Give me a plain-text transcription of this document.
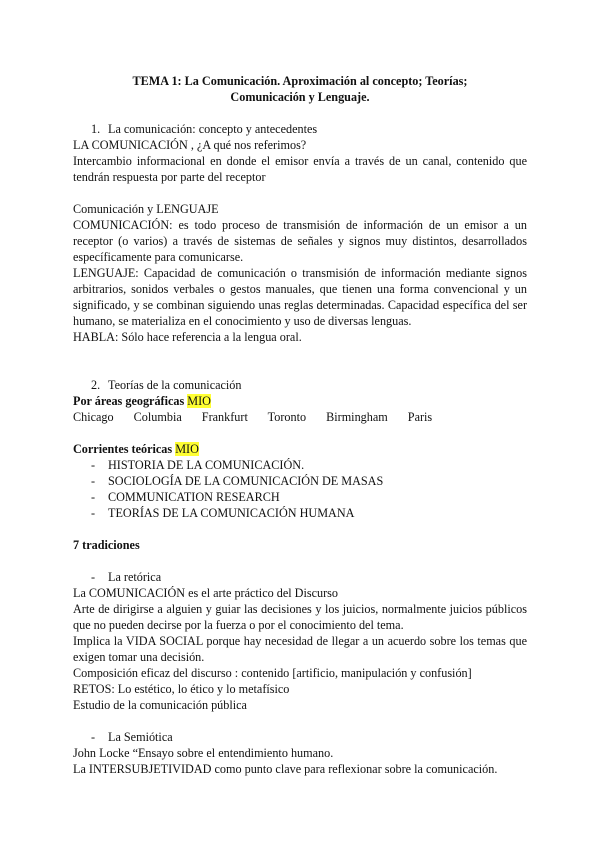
TEMA 1: La Comunicación. Aproximación al concepto; Teorías;
Comunicación y Lenguaje.
1. La comunicación: concepto y antecedentes
LA COMUNICACIÓN , ¿A qué nos referimos?
Intercambio informacional en donde el emisor envía a través de un canal, contenido que
tendrán respuesta por parte del receptor
Comunicación y LENGUAJE
COMUNICACIÓN: es todo proceso de transmisión de información de un emisor a un
receptor (o varios) a través de sistemas de señales y signos muy distintos, desarrollados
específicamente para comunicarse.
LENGUAJE: Capacidad de comunicación o transmisión de información mediante signos
arbitrarios, sonidos verbales o gestos manuales, que tienen una forma convencional y un
significado, y se combinan siguiendo unas reglas determinadas. Capacidad específica del ser
humano, se materializa en el conocimiento y uso de diversas lenguas.
HABLA: Sólo hace referencia a la lengua oral.
2. Teorías de la comunicación
Por áreas geográficas MIO
Chicago Columbia Frankfurt Toronto Birmingham Paris
Corrientes teóricas MIO
- HISTORIA DE LA COMUNICACIÓN.
- SOCIOLOGÍA DE LA COMUNICACIÓN DE MASAS
- COMMUNICATION RESEARCH
- TEORÍAS DE LA COMUNICACIÓN HUMANA
7 tradiciones
- La retórica
La COMUNICACIÓN es el arte práctico del Discurso
Arte de dirigirse a alguien y guiar las decisiones y los juicios, normalmente juicios públicos
que no pueden decirse por la fuerza o por el conocimiento del tema.
Implica la VIDA SOCIAL porque hay necesidad de llegar a un acuerdo sobre los temas que
exigen tomar una decisión.
Composición eficaz del discurso : contenido [artificio, manipulación y confusión]
RETOS: Lo estético, lo ético y lo metafísico
Estudio de la comunicación pública
- La Semiótica
John Locke “Ensayo sobre el entendimiento humano.
La INTERSUBJETIVIDAD como punto clave para reflexionar sobre la comunicación.
